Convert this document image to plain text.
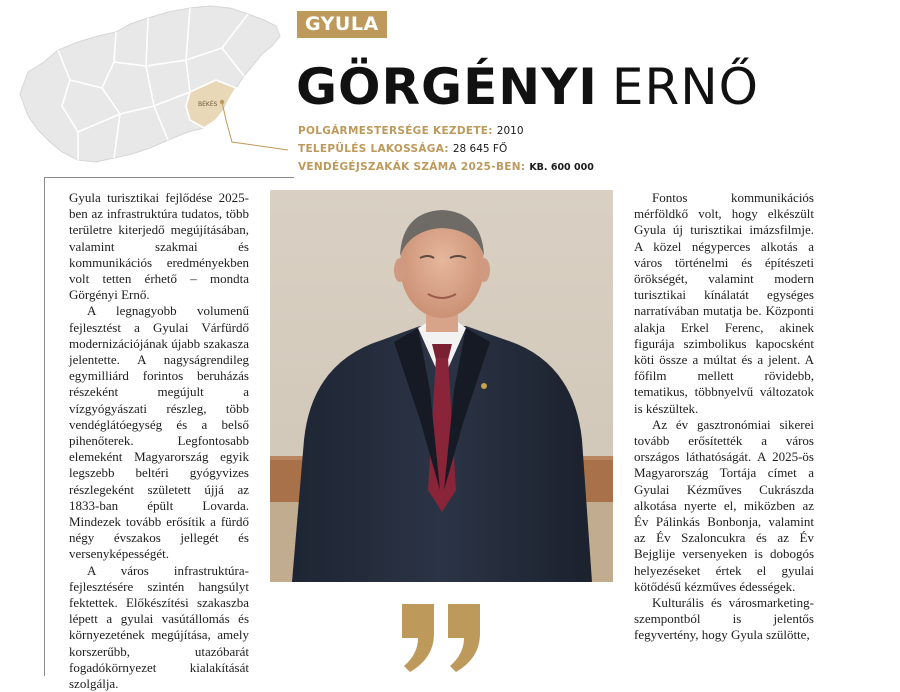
BÉKÉS
GYULA
GÖRGÉNYI ERNŐ
POLGÁRMESTERSÉGE KEZDETE: 2010
TELEPÜLÉS LAKOSSÁGA: 28 645 FŐ
VENDÉGÉJSZAKÁK SZÁMA 2025-BEN: KB. 600 000

Gyula turisztikai fejlődése 2025-ben az infrastruktúra tudatos, több területre kiterjedő megújításában, valamint szakmai és kommunikációs eredményekben volt tetten érhető – mondta Görgényi Ernő.

A legnagyobb volumenű fejlesztést a Gyulai Várfürdő modernizációjának újabb szakasza jelentette. A nagyságrendileg egymilliárd forintos beruházás részeként megújult a vízgyógyászati részleg, több vendéglátóegység és a belső pihenőterek. Legfontosabb elemeként Magyarország egyik legszebb beltéri gyógyvizes részlegeként született újjá az 1833-ban épült Lovarda. Mindezek tovább erősítik a fürdő négy évszakos jellegét és versenyképességét.

A város infrastruktúra-fejlesztésére szintén hangsúlyt fektettek. Előkészítési szakaszba lépett a gyulai vasútállomás és környezetének megújítása, amely korszerűbb, utazóbarát fogadókörnyezet kialakítását szolgálja.

Fontos kommunikációs mérföldkő volt, hogy elkészült Gyula új turisztikai imázsfilmje. A közel négyperces alkotás a város történelmi és építészeti örökségét, valamint modern turisztikai kínálatát egységes narratívában mutatja be. Központi alakja Erkel Ferenc, akinek figurája szimbolikus kapocsként köti össze a múltat és a jelent. A főfilm mellett rövidebb, tematikus, többnyelvű változatok is készültek.

Az év gasztronómiai sikerei tovább erősítették a város országos láthatóságát. A 2025-ös Magyarország Tortája címet a Gyulai Kézműves Cukrászda alkotása nyerte el, miközben az Év Pálinkás Bonbonja, valamint az Év Szaloncukra és az Év Bejglije versenyeken is dobogós helyezéseket értek el gyulai kötődésű kézműves édességek.

Kulturális és városmarketing-szempontból is jelentős fegyvertény, hogy Gyula szülötte,
